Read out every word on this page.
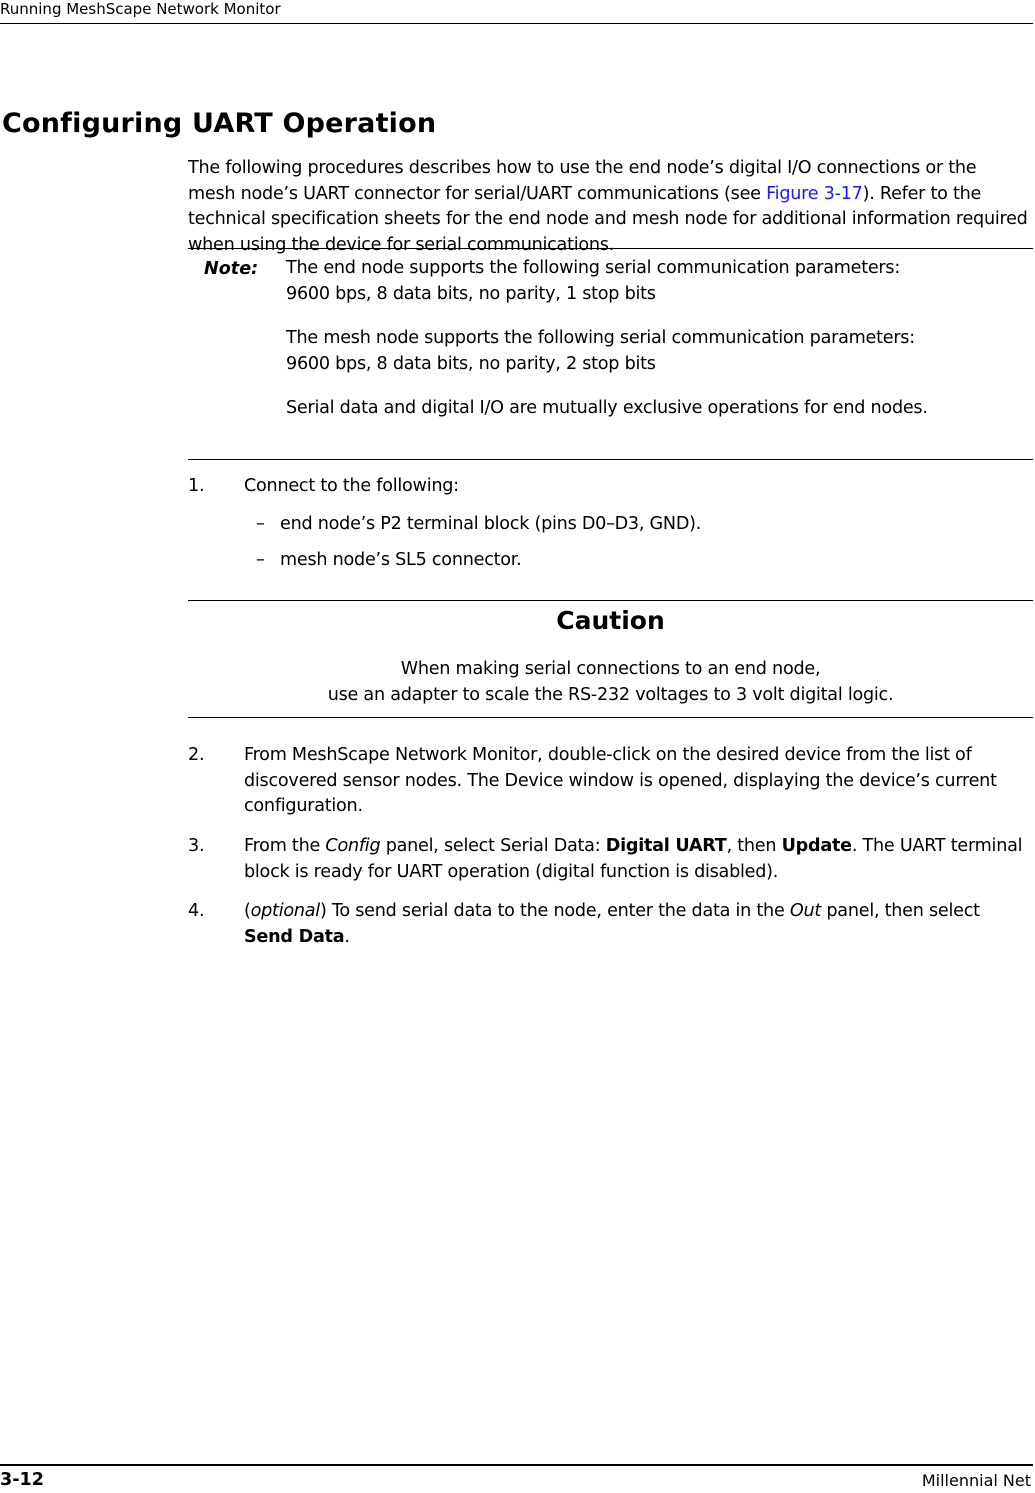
Running MeshScape Network Monitor
Configuring UART Operation

The following procedures describes how to use the end node’s digital I/O connections or the mesh node’s UART connector for serial/UART communications (see Figure 3-17). Refer to the technical specification sheets for the end node and mesh node for additional information required when using the device for serial communications.

Note: The end node supports the following serial communication parameters:
9600 bps, 8 data bits, no parity, 1 stop bits

The mesh node supports the following serial communication parameters:
9600 bps, 8 data bits, no parity, 2 stop bits

Serial data and digital I/O are mutually exclusive operations for end nodes.

1. Connect to the following:
– end node’s P2 terminal block (pins D0–D3, GND).
– mesh node’s SL5 connector.
Caution
When making serial connections to an end node,
use an adapter to scale the RS-232 voltages to 3 volt digital logic.
2. From MeshScape Network Monitor, double-click on the desired device from the list of discovered sensor nodes. The Device window is opened, displaying the device’s current configuration.
3. From the Config panel, select Serial Data: Digital UART, then Update. The UART terminal block is ready for UART operation (digital function is disabled).
4. (optional) To send serial data to the node, enter the data in the Out panel, then select Send Data.
3-12	Millennial Net
